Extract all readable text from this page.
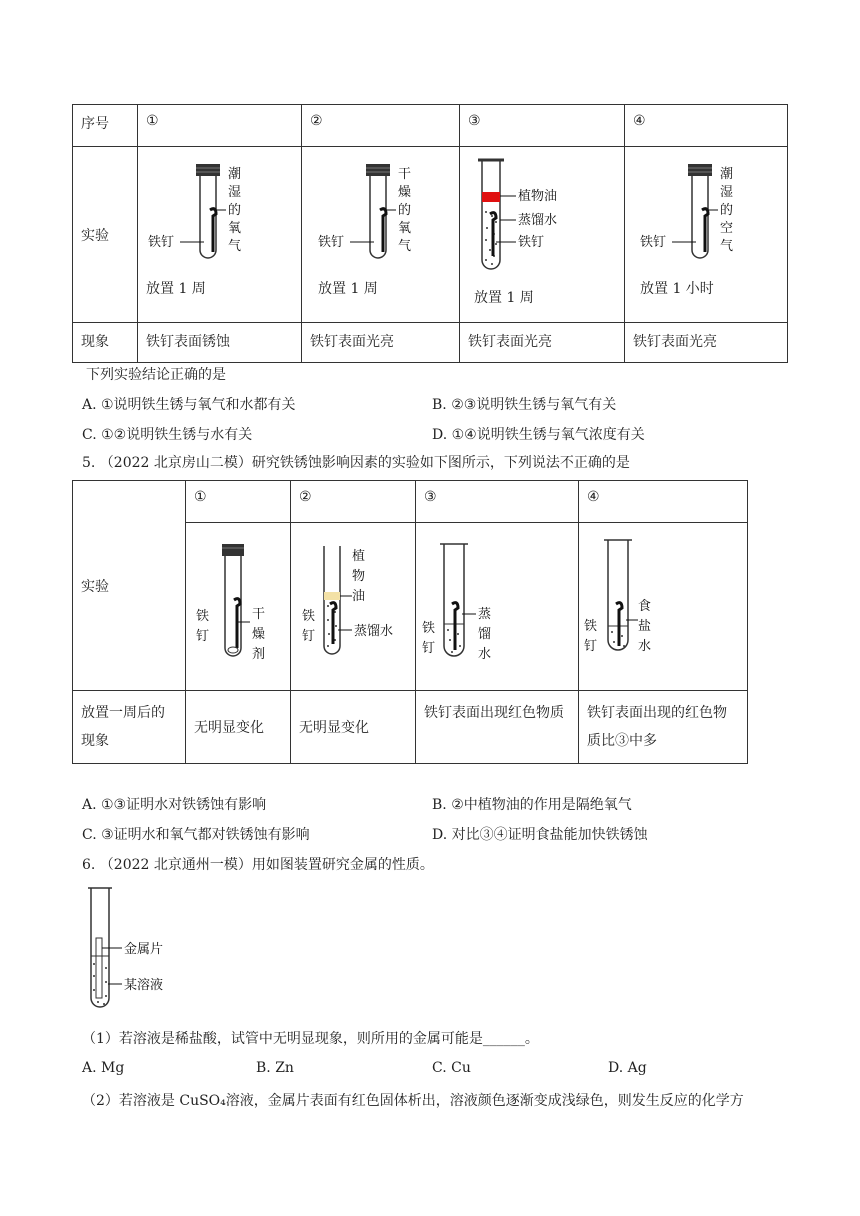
序号	①	②	③	④

实验				

现象	铁钉表面锈蚀	铁钉表面光亮	铁钉表面光亮	铁钉表面光亮
铁钉
潮
湿
的
氧
气
放置 1 周
铁钉
干
燥
的
氧
气
放置 1 周
植物油
蒸馏水
铁钉
放置 1 周
铁钉
潮
湿
的
空
气
放置 1 小时
下列实验结论正确的是
A. ①说明铁生锈与氧气和水都有关	B. ②③说明铁生锈与氧气有关
C. ①②说明铁生锈与水有关	D. ①④说明铁生锈与氧气浓度有关
5. （2022 北京房山二模）研究铁锈蚀影响因素的实验如下图所示，下列说法不正确的是
实验	①	②	③	④

放置一周后的
现象	无明显变化	无明显变化	铁钉表面出现红色物质	铁钉表面出现的红色物质比③中多
铁
钉
干
燥
剂
铁
钉
植
物
油
蒸馏水 铁
钉
蒸
馏
水
铁
钉
食
盐
水
A. ①③证明水对铁锈蚀有影响	B. ②中植物油的作用是隔绝氧气
C. ③证明水和氧气都对铁锈蚀有影响	D. 对比③④证明食盐能加快铁锈蚀
6. （2022 北京通州一模）用如图装置研究金属的性质。
金属片
某溶液
（1）若溶液是稀盐酸，试管中无明显现象，则所用的金属可能是______。
A. Mg	B. Zn	C. Cu	D. Ag
（2）若溶液是 CuSO₄溶液，金属片表面有红色固体析出，溶液颜色逐渐变成浅绿色，则发生反应的化学方
